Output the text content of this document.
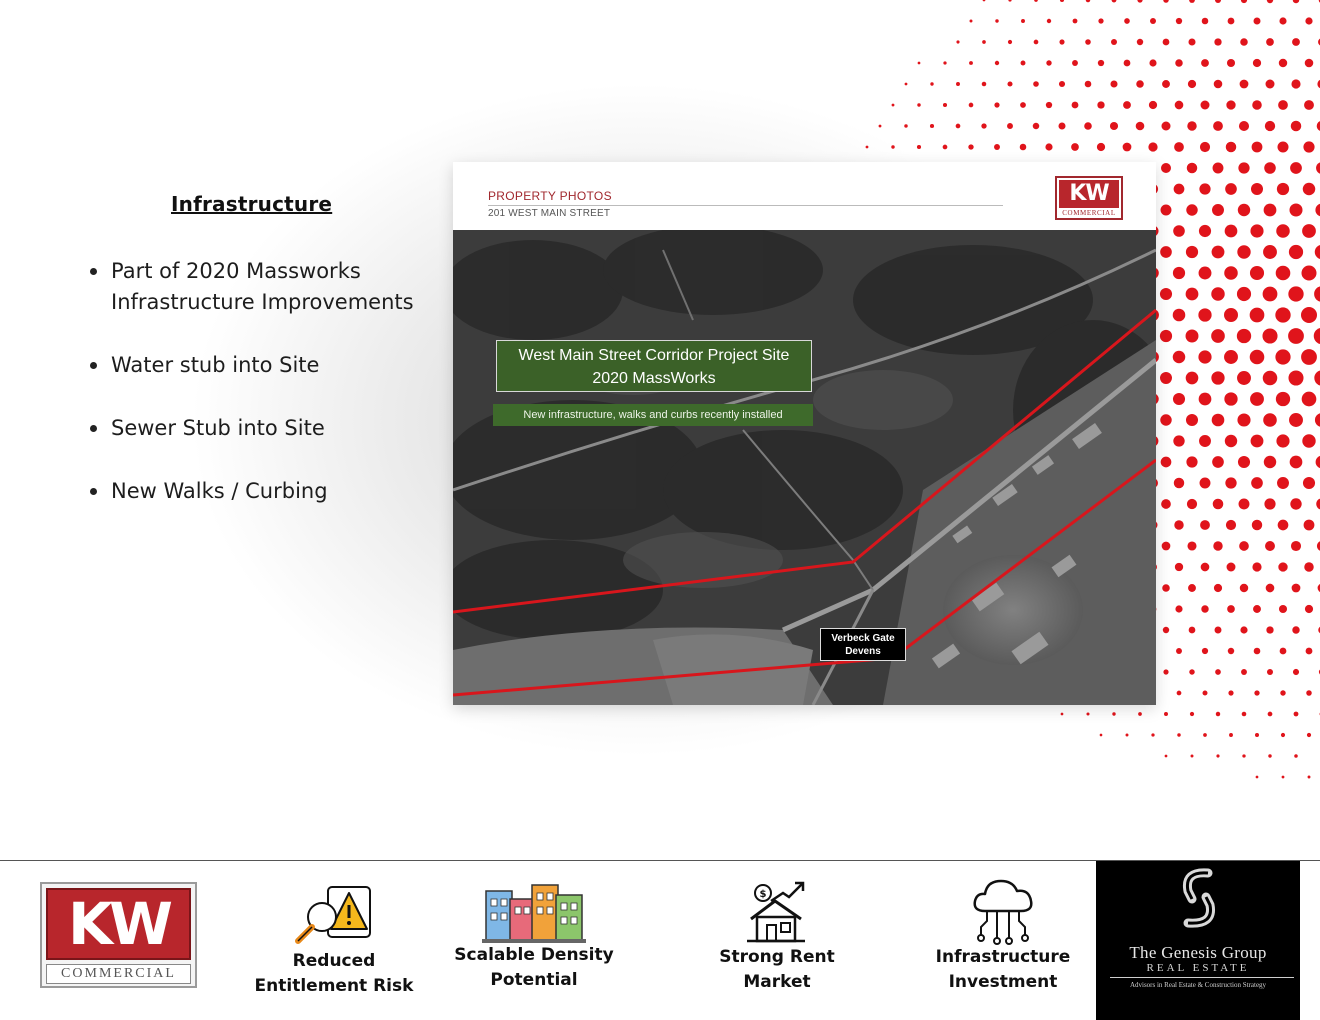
Infrastructure
Part of 2020 Massworks Infrastructure Improvements
Water stub into Site
Sewer Stub into Site
New Walks / Curbing
PROPERTY PHOTOS
201 WEST MAIN STREET
KW
COMMERCIAL
West Main Street Corridor Project Site
2020 MassWorks
New infrastructure, walks and curbs recently installed
Verbeck Gate
Devens
KW
COMMERCIAL
Reduced
Entitlement Risk
Scalable Density
Potential
$
Strong Rent
Market
Infrastructure
Investment
The Genesis Group
REAL ESTATE
Advisors in Real Estate & Construction Strategy
